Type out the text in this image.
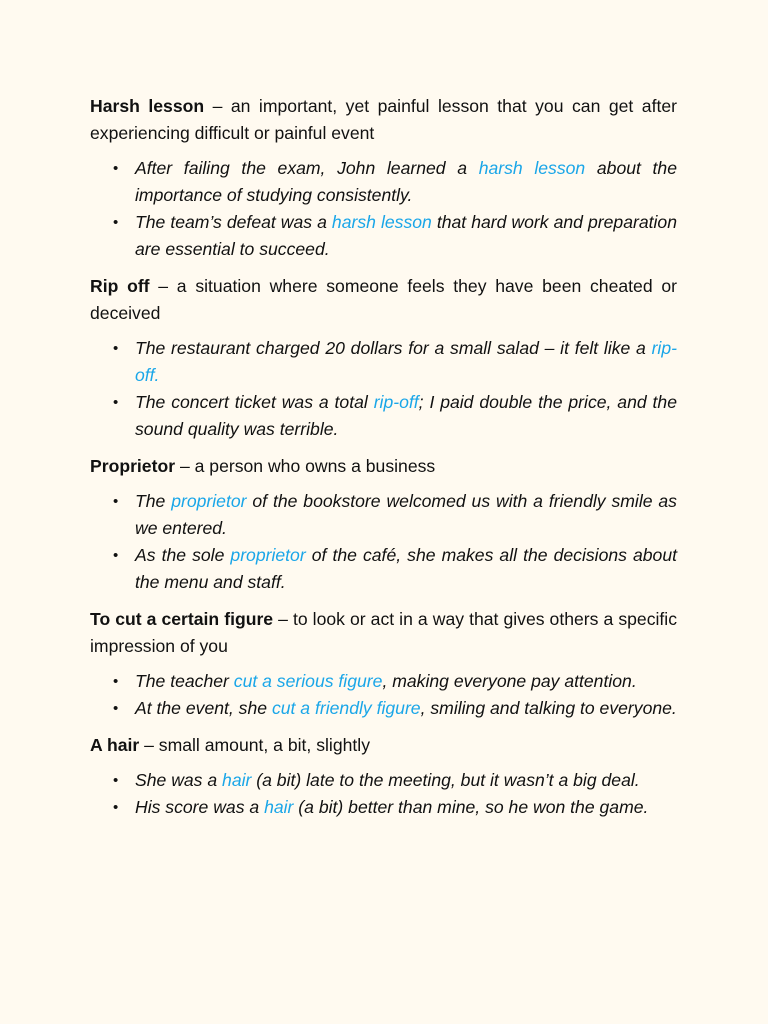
Harsh lesson – an important, yet painful lesson that you can get after experiencing difficult or painful event

• After failing the exam, John learned a harsh lesson about the importance of studying consistently.
• The team’s defeat was a harsh lesson that hard work and preparation are essential to succeed.

Rip off – a situation where someone feels they have been cheated or deceived

• The restaurant charged 20 dollars for a small salad – it felt like a rip-off.
• The concert ticket was a total rip-off; I paid double the price, and the sound quality was terrible.

Proprietor – a person who owns a business

• The proprietor of the bookstore welcomed us with a friendly smile as we entered.
• As the sole proprietor of the café, she makes all the decisions about the menu and staff.

To cut a certain figure – to look or act in a way that gives others a specific impression of you

• The teacher cut a serious figure, making everyone pay attention.
• At the event, she cut a friendly figure, smiling and talking to everyone.

A hair – small amount, a bit, slightly

• She was a hair (a bit) late to the meeting, but it wasn’t a big deal.
• His score was a hair (a bit) better than mine, so he won the game.
